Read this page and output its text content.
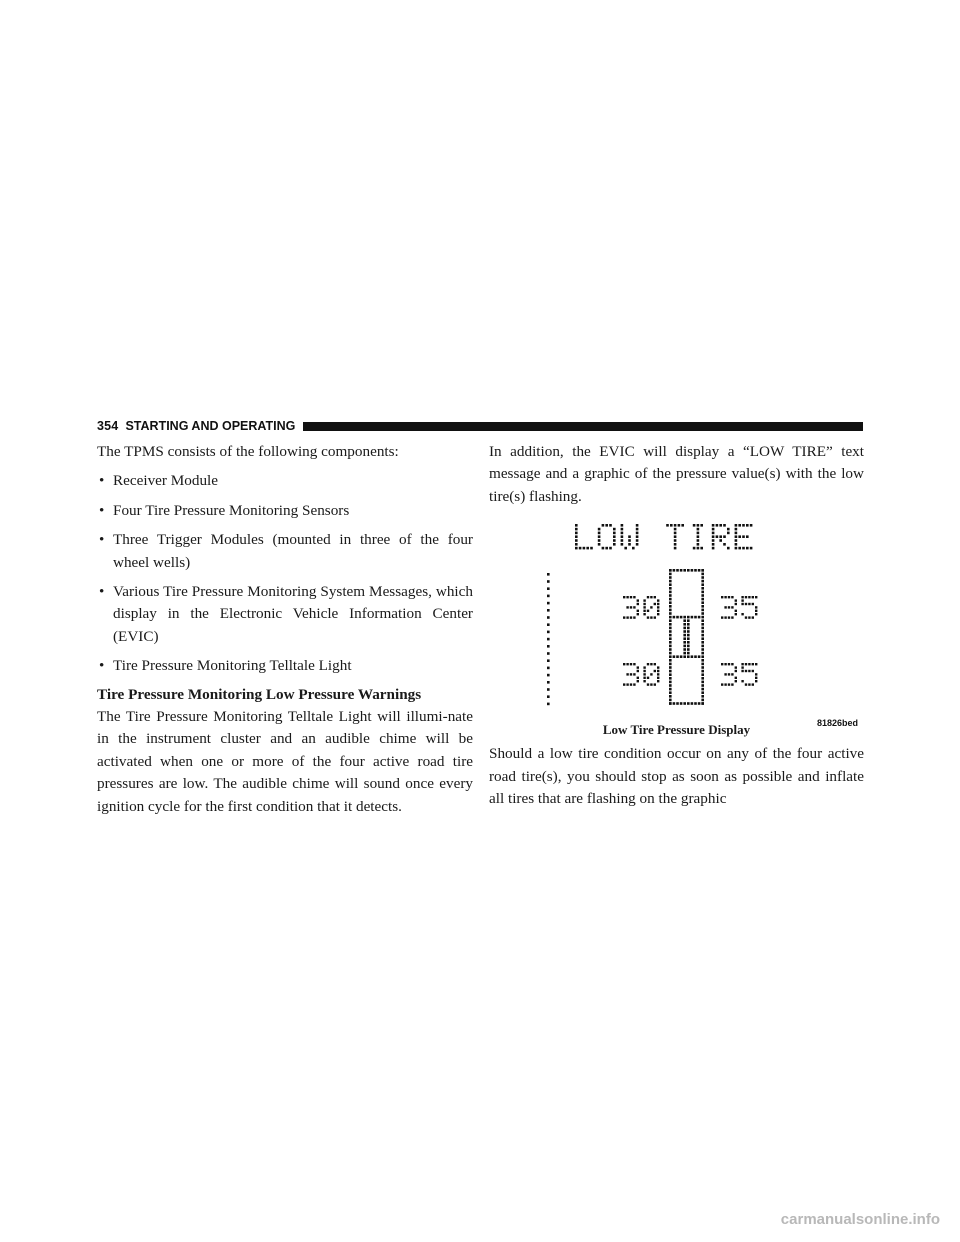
354 STARTING AND OPERATING

The TPMS consists of the following components:

• Receiver Module
• Four Tire Pressure Monitoring Sensors
• Three Trigger Modules (mounted in three of the four wheel wells)
• Various Tire Pressure Monitoring System Messages, which display in the Electronic Vehicle Information Center (EVIC)
• Tire Pressure Monitoring Telltale Light

Tire Pressure Monitoring Low Pressure Warnings

The Tire Pressure Monitoring Telltale Light will illumi-nate in the instrument cluster and an audible chime will be activated when one or more of the four active road tire pressures are low. The audible chime will sound once every ignition cycle for the first condition that it detects.

In addition, the EVIC will display a “LOW TIRE” text message and a graphic of the pressure value(s) with the low tire(s) flashing.

81826bed

Low Tire Pressure Display

Should a low tire condition occur on any of the four active road tire(s), you should stop as soon as possible and inflate all tires that are flashing on the graphic

carmanualsonline.info
